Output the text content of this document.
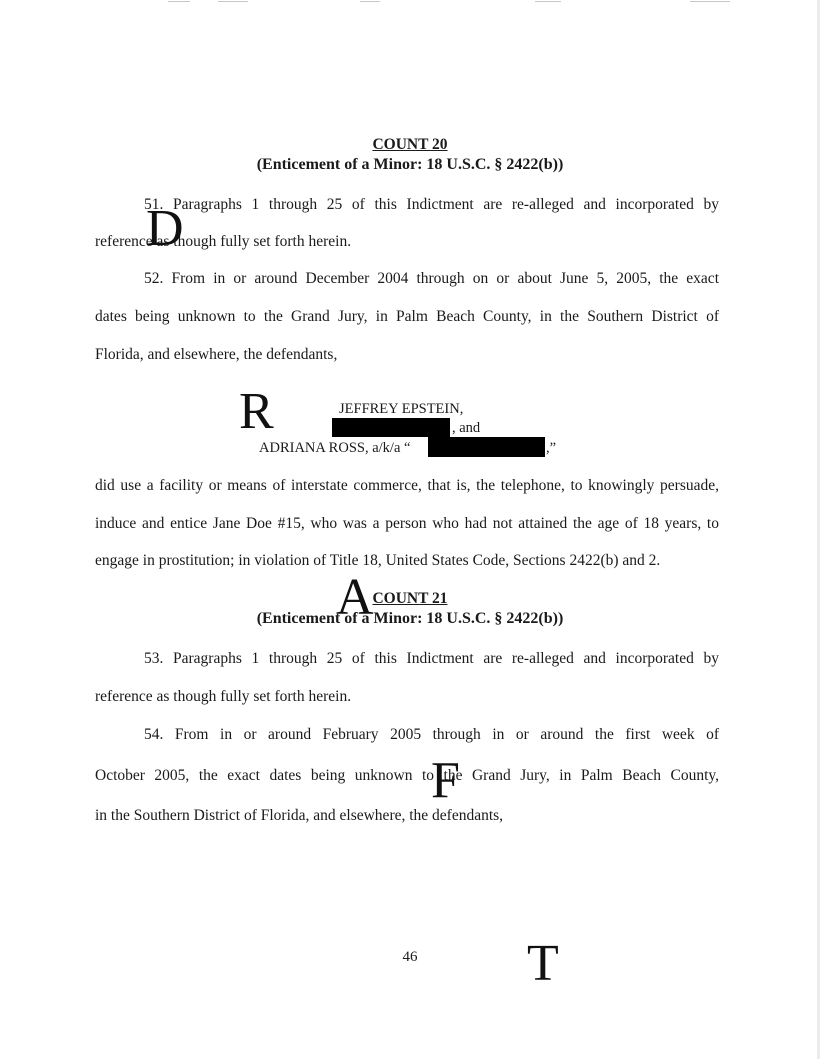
COUNT 20
(Enticement of a Minor: 18 U.S.C. § 2422(b))
51. Paragraphs 1 through 25 of this Indictment are re-alleged and incorporated by
reference as though fully set forth herein.
52. From in or around December 2004 through on or about June 5, 2005, the exact
dates being unknown to the Grand Jury, in Palm Beach County, in the Southern District of
Florida, and elsewhere, the defendants,
JEFFREY EPSTEIN,
, and
ADRIANA ROSS, a/k/a “	,”
did use a facility or means of interstate commerce, that is, the telephone, to knowingly persuade,
induce and entice Jane Doe #15, who was a person who had not attained the age of 18 years, to
engage in prostitution; in violation of Title 18, United States Code, Sections 2422(b) and 2.
COUNT 21
(Enticement of a Minor: 18 U.S.C. § 2422(b))
53. Paragraphs 1 through 25 of this Indictment are re-alleged and incorporated by
reference as though fully set forth herein.
54. From in or around February 2005 through in or around the first week of
October 2005, the exact dates being unknown to the Grand Jury, in Palm Beach County,
in the Southern District of Florida, and elsewhere, the defendants,
D
R
A
F
T
46
